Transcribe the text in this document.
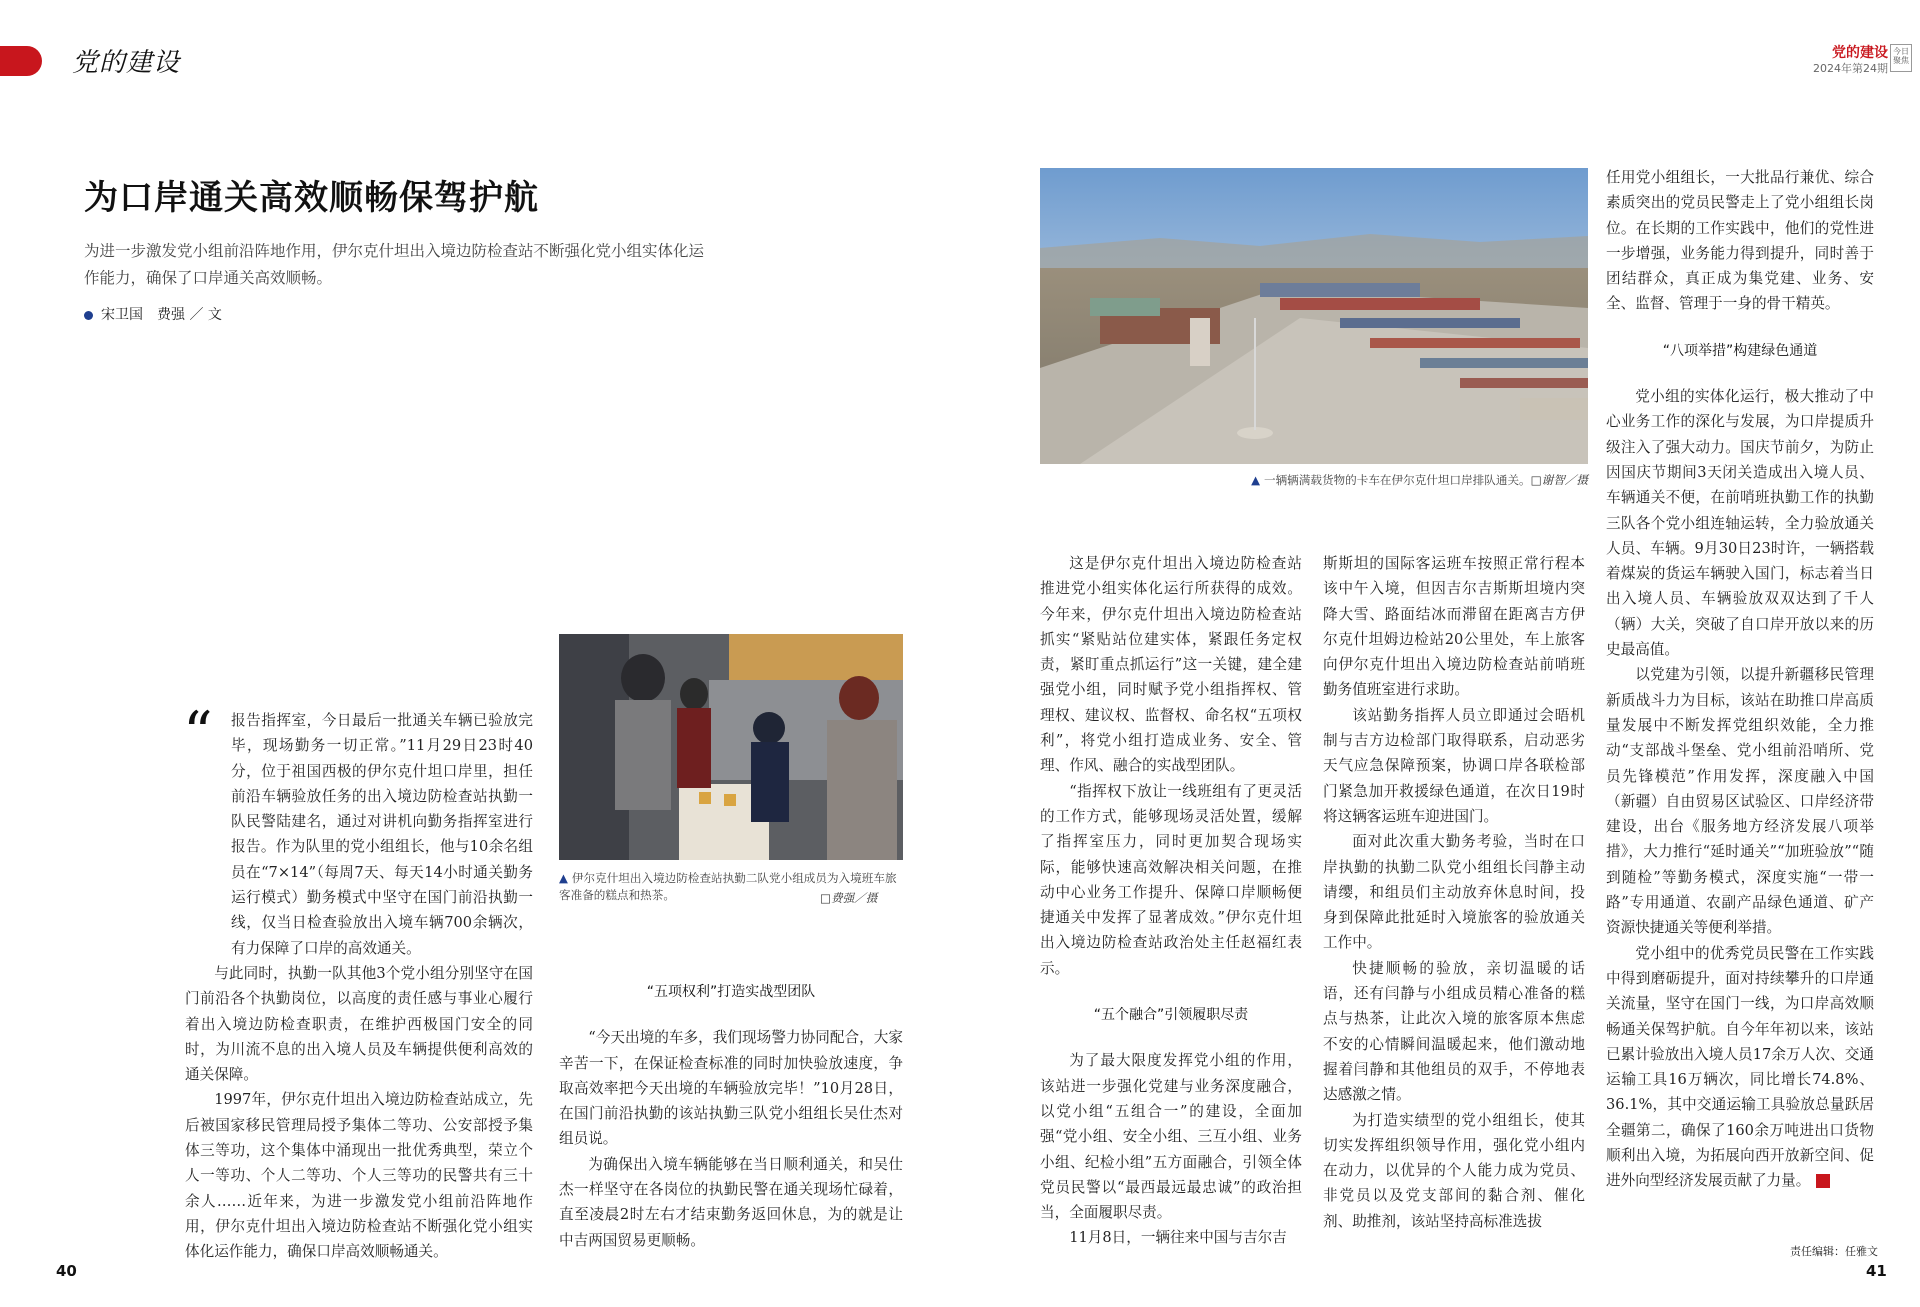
党的建设	党的建设
2024年第24期
今日聚焦
为口岸通关高效顺畅保驾护航
为进一步激发党小组前沿阵地作用，伊尔克什坦出入境边防检查站不断强化党小组实体化运作能力，确保了口岸通关高效顺畅。
宋卫国　费强 ／ 文
▲ 一辆辆满载货物的卡车在伊尔克什坦口岸排队通关。□谢智／摄
▲ 伊尔克什坦出入境边防检查站执勤二队党小组成员为入境班车旅客准备的糕点和热茶。	□费强／摄
“	报告指挥室，今日最后一批通关车辆已验放完毕，现场勤务一切正常。”11月29日23时40分，位于祖国西极的伊尔克什坦口岸里，担任前沿车辆验放任务的出入境边防检查站执勤一队民警陆建名，通过对讲机向勤务指挥室进行报告。作为队里的党小组组长，他与10余名组员在“7×14”（每周7天、每天14小时通关勤务运行模式）勤务模式中坚守在国门前沿执勤一线，仅当日检查验放出入境车辆700余辆次，有力保障了口岸的高效通关。

与此同时，执勤一队其他3个党小组分别坚守在国门前沿各个执勤岗位，以高度的责任感与事业心履行着出入境边防检查职责，在维护西极国门安全的同时，为川流不息的出入境人员及车辆提供便利高效的通关保障。

1997年，伊尔克什坦出入境边防检查站成立，先后被国家移民管理局授予集体二等功、公安部授予集体三等功，这个集体中涌现出一批优秀典型，荣立个人一等功、个人二等功、个人三等功的民警共有三十余人……近年来，为进一步激发党小组前沿阵地作用，伊尔克什坦出入境边防检查站不断强化党小组实体化运作能力，确保口岸高效顺畅通关。

“五项权利”打造实战型团队

“今天出境的车多，我们现场警力协同配合，大家辛苦一下，在保证检查标准的同时加快验放速度，争取高效率把今天出境的车辆验放完毕！”10月28日，在国门前沿执勤的该站执勤三队党小组组长吴仕杰对组员说。

为确保出入境车辆能够在当日顺利通关，和吴仕杰一样坚守在各岗位的执勤民警在通关现场忙碌着，直至凌晨2时左右才结束勤务返回休息，为的就是让中吉两国贸易更顺畅。

这是伊尔克什坦出入境边防检查站推进党小组实体化运行所获得的成效。今年来，伊尔克什坦出入境边防检查站抓实“紧贴站位建实体，紧跟任务定权责，紧盯重点抓运行”这一关键，建全建强党小组，同时赋予党小组指挥权、管理权、建议权、监督权、命名权“五项权利”，将党小组打造成业务、安全、管理、作风、融合的实战型团队。

“指挥权下放让一线班组有了更灵活的工作方式，能够现场灵活处置，缓解了指挥室压力，同时更加契合现场实际，能够快速高效解决相关问题，在推动中心业务工作提升、保障口岸顺畅便捷通关中发挥了显著成效。”伊尔克什坦出入境边防检查站政治处主任赵福红表示。

“五个融合”引领履职尽责

为了最大限度发挥党小组的作用，该站进一步强化党建与业务深度融合，以党小组“五组合一”的建设，全面加强“党小组、安全小组、三互小组、业务小组、纪检小组”五方面融合，引领全体党员民警以“最西最远最忠诚”的政治担当，全面履职尽责。

11月8日，一辆往来中国与吉尔吉

斯斯坦的国际客运班车按照正常行程本该中午入境，但因吉尔吉斯斯坦境内突降大雪、路面结冰而滞留在距离吉方伊尔克什坦姆边检站20公里处，车上旅客向伊尔克什坦出入境边防检查站前哨班勤务值班室进行求助。

该站勤务指挥人员立即通过会晤机制与吉方边检部门取得联系，启动恶劣天气应急保障预案，协调口岸各联检部门紧急加开救援绿色通道，在次日19时将这辆客运班车迎进国门。

面对此次重大勤务考验，当时在口岸执勤的执勤二队党小组组长闫静主动请缨，和组员们主动放弃休息时间，投身到保障此批延时入境旅客的验放通关工作中。

快捷顺畅的验放，亲切温暖的话语，还有闫静与小组成员精心准备的糕点与热茶，让此次入境的旅客原本焦虑不安的心情瞬间温暖起来，他们激动地握着闫静和其他组员的双手，不停地表达感激之情。

为打造实绩型的党小组组长，使其切实发挥组织领导作用，强化党小组内在动力，以优异的个人能力成为党员、非党员以及党支部间的黏合剂、催化剂、助推剂，该站坚持高标准选拔

任用党小组组长，一大批品行兼优、综合素质突出的党员民警走上了党小组组长岗位。在长期的工作实践中，他们的党性进一步增强，业务能力得到提升，同时善于团结群众，真正成为集党建、业务、安全、监督、管理于一身的骨干精英。

“八项举措”构建绿色通道

党小组的实体化运行，极大推动了中心业务工作的深化与发展，为口岸提质升级注入了强大动力。国庆节前夕，为防止因国庆节期间3天闭关造成出入境人员、车辆通关不便，在前哨班执勤工作的执勤三队各个党小组连轴运转，全力验放通关人员、车辆。9月30日23时许，一辆搭载着煤炭的货运车辆驶入国门，标志着当日出入境人员、车辆验放双双达到了千人（辆）大关，突破了自口岸开放以来的历史最高值。

以党建为引领，以提升新疆移民管理新质战斗力为目标，该站在助推口岸高质量发展中不断发挥党组织效能，全力推动“支部战斗堡垒、党小组前沿哨所、党员先锋模范”作用发挥，深度融入中国（新疆）自由贸易区试验区、口岸经济带建设，出台《服务地方经济发展八项举措》，大力推行“延时通关”“加班验放”“随到随检”等勤务模式，深度实施“一带一路”专用通道、农副产品绿色通道、矿产资源快捷通关等便利举措。

党小组中的优秀党员民警在工作实践中得到磨砺提升，面对持续攀升的口岸通关流量，坚守在国门一线，为口岸高效顺畅通关保驾护航。自今年年初以来，该站已累计验放出入境人员17余万人次、交通运输工具16万辆次，同比增长74.8%、36.1%，其中交通运输工具验放总量跃居全疆第二，确保了160余万吨进出口货物顺利出入境，为拓展向西开放新空间、促进外向型经济发展贡献了力量。

40	41
责任编辑：任雅文
